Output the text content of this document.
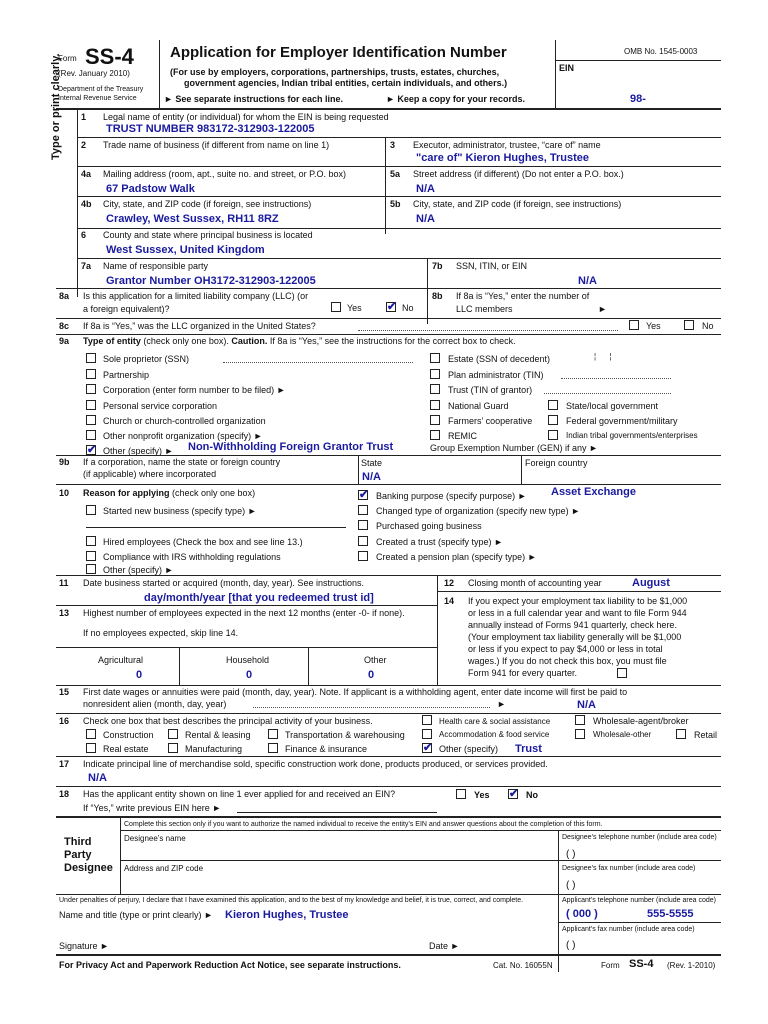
Form SS-4
(Rev. January 2010)
Department of the Treasury
Internal Revenue Service
Application for Employer Identification Number
(For use by employers, corporations, partnerships, trusts, estates, churches,
government agencies, Indian tribal entities, certain individuals, and others.)
► See separate instructions for each line.	► Keep a copy for your records.
OMB No. 1545-0003
EIN
98-
Type or print clearly. 1 Legal name of entity (or individual) for whom the EIN is being requested
TRUST NUMBER 983172-312903-122005
2 Trade name of business (if different from name on line 1)	3 Executor, administrator, trustee, “care of” name
"care of" Kieron Hughes, Trustee
4a Mailing address (room, apt., suite no. and street, or P.O. box)
67 Padstow Walk
5a Street address (if different) (Do not enter a P.O. box.)
N/A
4b City, state, and ZIP code (if foreign, see instructions)
Crawley, West Sussex, RH11 8RZ
5b City, state, and ZIP code (if foreign, see instructions)
N/A
6 County and state where principal business is located
West Sussex, United Kingdom
7a Name of responsible party
Grantor Number OH3172-312903-122005
7b SSN, ITIN, or EIN
N/A
8a Is this application for a limited liability company (LLC) (or
a foreign equivalent)?	Yes ✔	No
8b If 8a is “Yes,” enter the number of
LLC members	►
8c If 8a is “Yes,” was the LLC organized in the United States?	Yes	No
9a Type of entity (check only one box). Caution. If 8a is “Yes,” see the instructions for the correct box to check.
Sole proprietor (SSN)
Partnership
Corporation (enter form number to be filed) ►
Personal service corporation
Church or church-controlled organization
Other nonprofit organization (specify) ►
✔
Other (specify) ► Non-Withholding Foreign Grantor Trust
Estate (SSN of decedent)	¦      ¦
Plan administrator (TIN)
Trust (TIN of grantor)
National Guard
Farmers’ cooperative
REMIC
State/local government
Federal government/military
Indian tribal governments/enterprises
Group Exemption Number (GEN) if any ►
9b If a corporation, name the state or foreign country
(if applicable) where incorporated
State
N/A
Foreign country
10 Reason for applying (check only one box)
Started new business (specify type) ►
Hired employees (Check the box and see line 13.)
Compliance with IRS withholding regulations
Other (specify) ►
✔
Banking purpose (specify purpose) ► Asset Exchange
Changed type of organization (specify new type) ►
Purchased going business
Created a trust (specify type) ►
Created a pension plan (specify type) ►
11 Date business started or acquired (month, day, year). See instructions.
day/month/year [that you redeemed trust id]
12 Closing month of accounting year	August
13 Highest number of employees expected in the next 12 months (enter -0- if none).
If no employees expected, skip line 14.
Agricultural	Household	Other
0	0	0
14 If you expect your employment tax liability to be $1,000
or less in a full calendar year and want to file Form 944
annually instead of Forms 941 quarterly, check here.
(Your employment tax liability generally will be $1,000
or less if you expect to pay $4,000 or less in total
wages.) If you do not check this box, you must file
Form 941 for every quarter.
15 First date wages or annuities were paid (month, day, year). Note. If applicant is a withholding agent, enter date income will first be paid to
nonresident alien (month, day, year)	►	N/A
16 Check one box that best describes the principal activity of your business.
Construction	Rental & leasing	Transportation & warehousing
Real estate	Manufacturing	Finance & insurance
Health care & social assistance
Accommodation & food service
✔
Other (specify) Trust
Wholesale-agent/broker
Wholesale-other	Retail
17 Indicate principal line of merchandise sold, specific construction work done, products produced, or services provided.
N/A
18 Has the applicant entity shown on line 1 ever applied for and received an EIN?	Yes ✔	No
If “Yes,” write previous EIN here ►
Third
Party
Designee
Complete this section only if you want to authorize the named individual to receive the entity’s EIN and answer questions about the completion of this form.
Designee’s name	Designee’s telephone number (include area code)
( )
Address and ZIP code	Designee’s fax number (include area code)
( )
Under penalties of perjury, I declare that I have examined this application, and to the best of my knowledge and belief, it is true, correct, and complete.	Applicant’s telephone number (include area code)
Name and title (type or print clearly) ► Kieron Hughes, Trustee	( 000 )	555-5555
Applicant’s fax number (include area code)
Signature ►	Date ►	( )
For Privacy Act and Paperwork Reduction Act Notice, see separate instructions.	Cat. No. 16055N	Form SS-4 (Rev. 1-2010)
